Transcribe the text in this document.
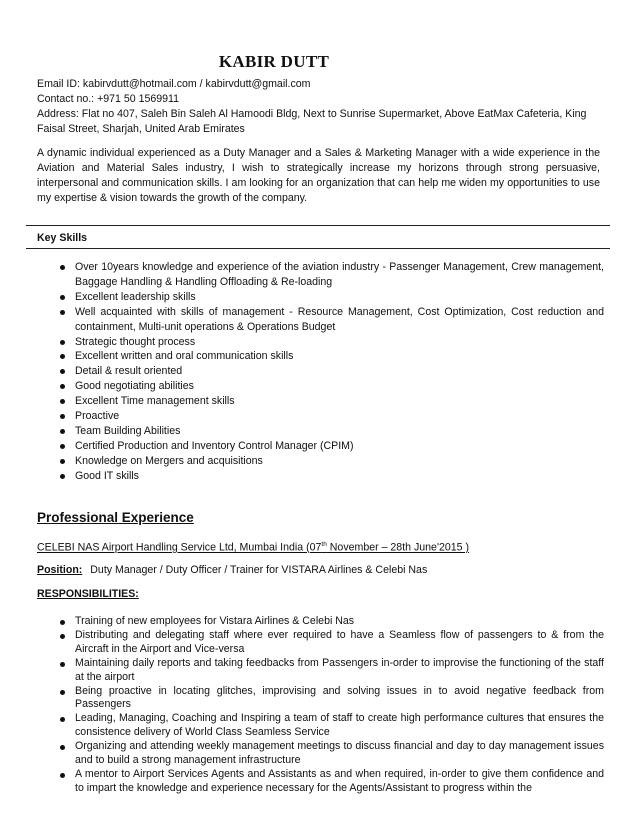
KABIR DUTT
Email ID: kabirvdutt@hotmail.com / kabirvdutt@gmail.com
Contact no.: +971 50 1569911
Address: Flat no 407, Saleh Bin Saleh Al Hamoodi Bldg, Next to Sunrise Supermarket, Above EatMax Cafeteria, King Faisal Street, Sharjah, United Arab Emirates
A dynamic individual experienced as a Duty Manager and a Sales & Marketing Manager with a wide experience in the Aviation and Material Sales industry, I wish to strategically increase my horizons through strong persuasive, interpersonal and communication skills. I am looking for an organization that can help me widen my opportunities to use my expertise & vision towards the growth of the company.
Key Skills
Over 10years knowledge and experience of the aviation industry - Passenger Management, Crew management, Baggage Handling & Handling Offloading & Re-loading
Excellent leadership skills
Well acquainted with skills of management - Resource Management, Cost Optimization, Cost reduction and containment, Multi-unit operations & Operations Budget
Strategic thought process
Excellent written and oral communication skills
Detail & result oriented
Good negotiating abilities
Excellent Time management skills
Proactive
Team Building Abilities
Certified Production and Inventory Control Manager (CPIM)
Knowledge on Mergers and acquisitions
Good IT skills
Professional Experience
CELEBI NAS Airport Handling Service Ltd, Mumbai India (07th November – 28th June'2015 )
Position: Duty Manager / Duty Officer / Trainer for VISTARA Airlines & Celebi Nas
RESPONSIBILITIES:
Training of new employees for Vistara Airlines & Celebi Nas
Distributing and delegating staff where ever required to have a Seamless flow of passengers to & from the Aircraft in the Airport and Vice-versa
Maintaining daily reports and taking feedbacks from Passengers in-order to improvise the functioning of the staff at the airport
Being proactive in locating glitches, improvising and solving issues in to avoid negative feedback from Passengers
Leading, Managing, Coaching and Inspiring a team of staff to create high performance cultures that ensures the consistence delivery of World Class Seamless Service
Organizing and attending weekly management meetings to discuss financial and day to day management issues and to build a strong management infrastructure
A mentor to Airport Services Agents and Assistants as and when required, in-order to give them confidence and to impart the knowledge and experience necessary for the Agents/Assistant to progress within the
